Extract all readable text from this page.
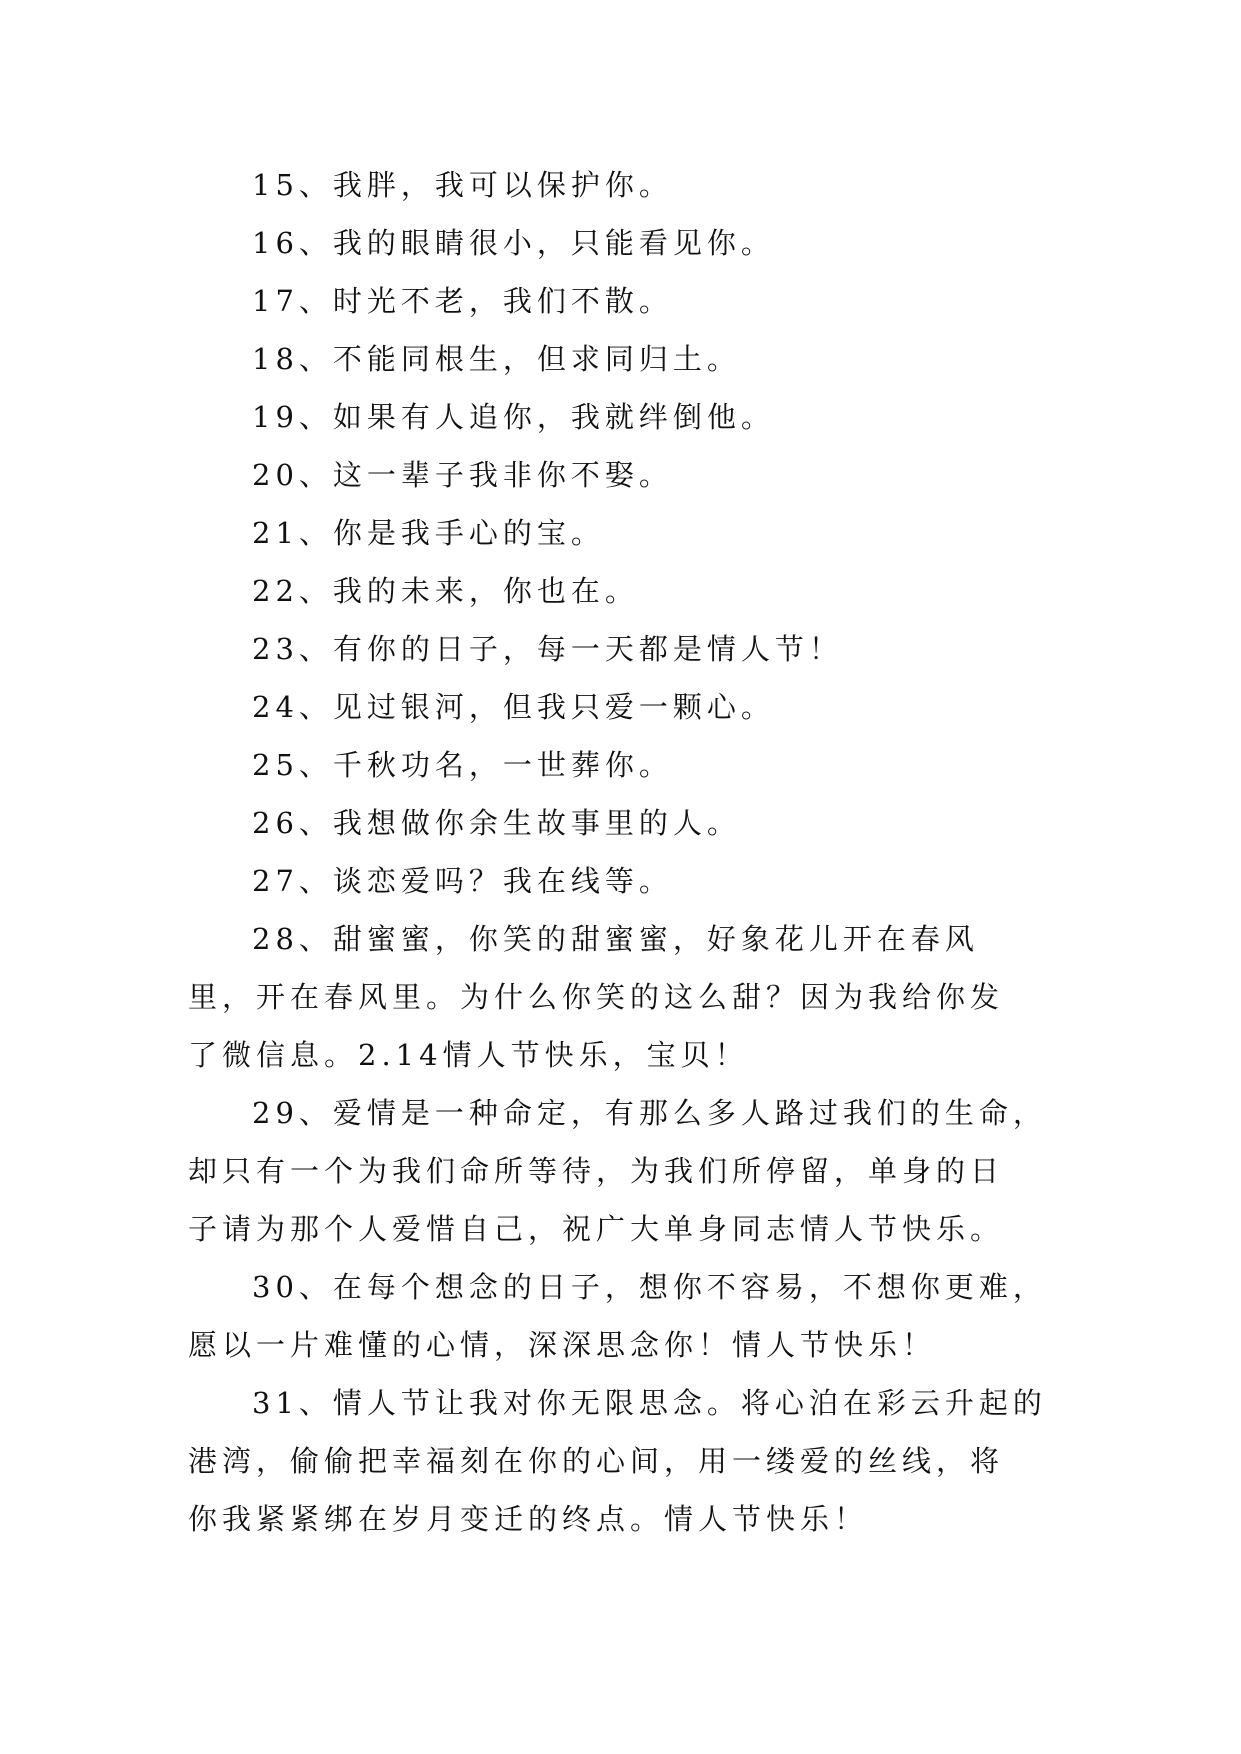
15、我胖，我可以保护你。
16、我的眼睛很小，只能看见你。
17、时光不老，我们不散。
18、不能同根生，但求同归土。
19、如果有人追你，我就绊倒他。
20、这一辈子我非你不娶。
21、你是我手心的宝。
22、我的未来，你也在。
23、有你的日子，每一天都是情人节！
24、见过银河，但我只爱一颗心。
25、千秋功名，一世葬你。
26、我想做你余生故事里的人。
27、谈恋爱吗？我在线等。
28、甜蜜蜜，你笑的甜蜜蜜，好象花儿开在春风
里，开在春风里。为什么你笑的这么甜？因为我给你发
了微信息。2.14情人节快乐，宝贝！
29、爱情是一种命定，有那么多人路过我们的生命，
却只有一个为我们命所等待，为我们所停留，单身的日
子请为那个人爱惜自己，祝广大单身同志情人节快乐。
30、在每个想念的日子，想你不容易，不想你更难，
愿以一片难懂的心情，深深思念你！情人节快乐！
31、情人节让我对你无限思念。将心泊在彩云升起的
港湾，偷偷把幸福刻在你的心间，用一缕爱的丝线，将
你我紧紧绑在岁月变迁的终点。情人节快乐！
